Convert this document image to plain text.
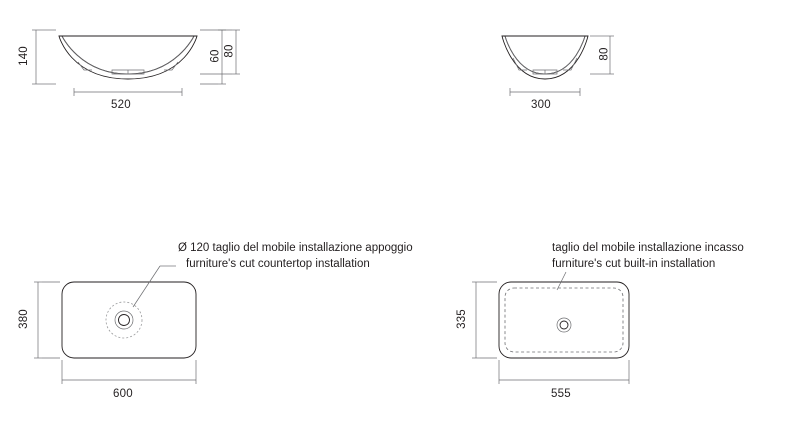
140	60 80
520
80
300
Ø 120 taglio del mobile installazione appoggio
furniture's cut countertop installation
380
600
taglio del mobile installazione incasso
furniture's cut built-in installation
335
555
